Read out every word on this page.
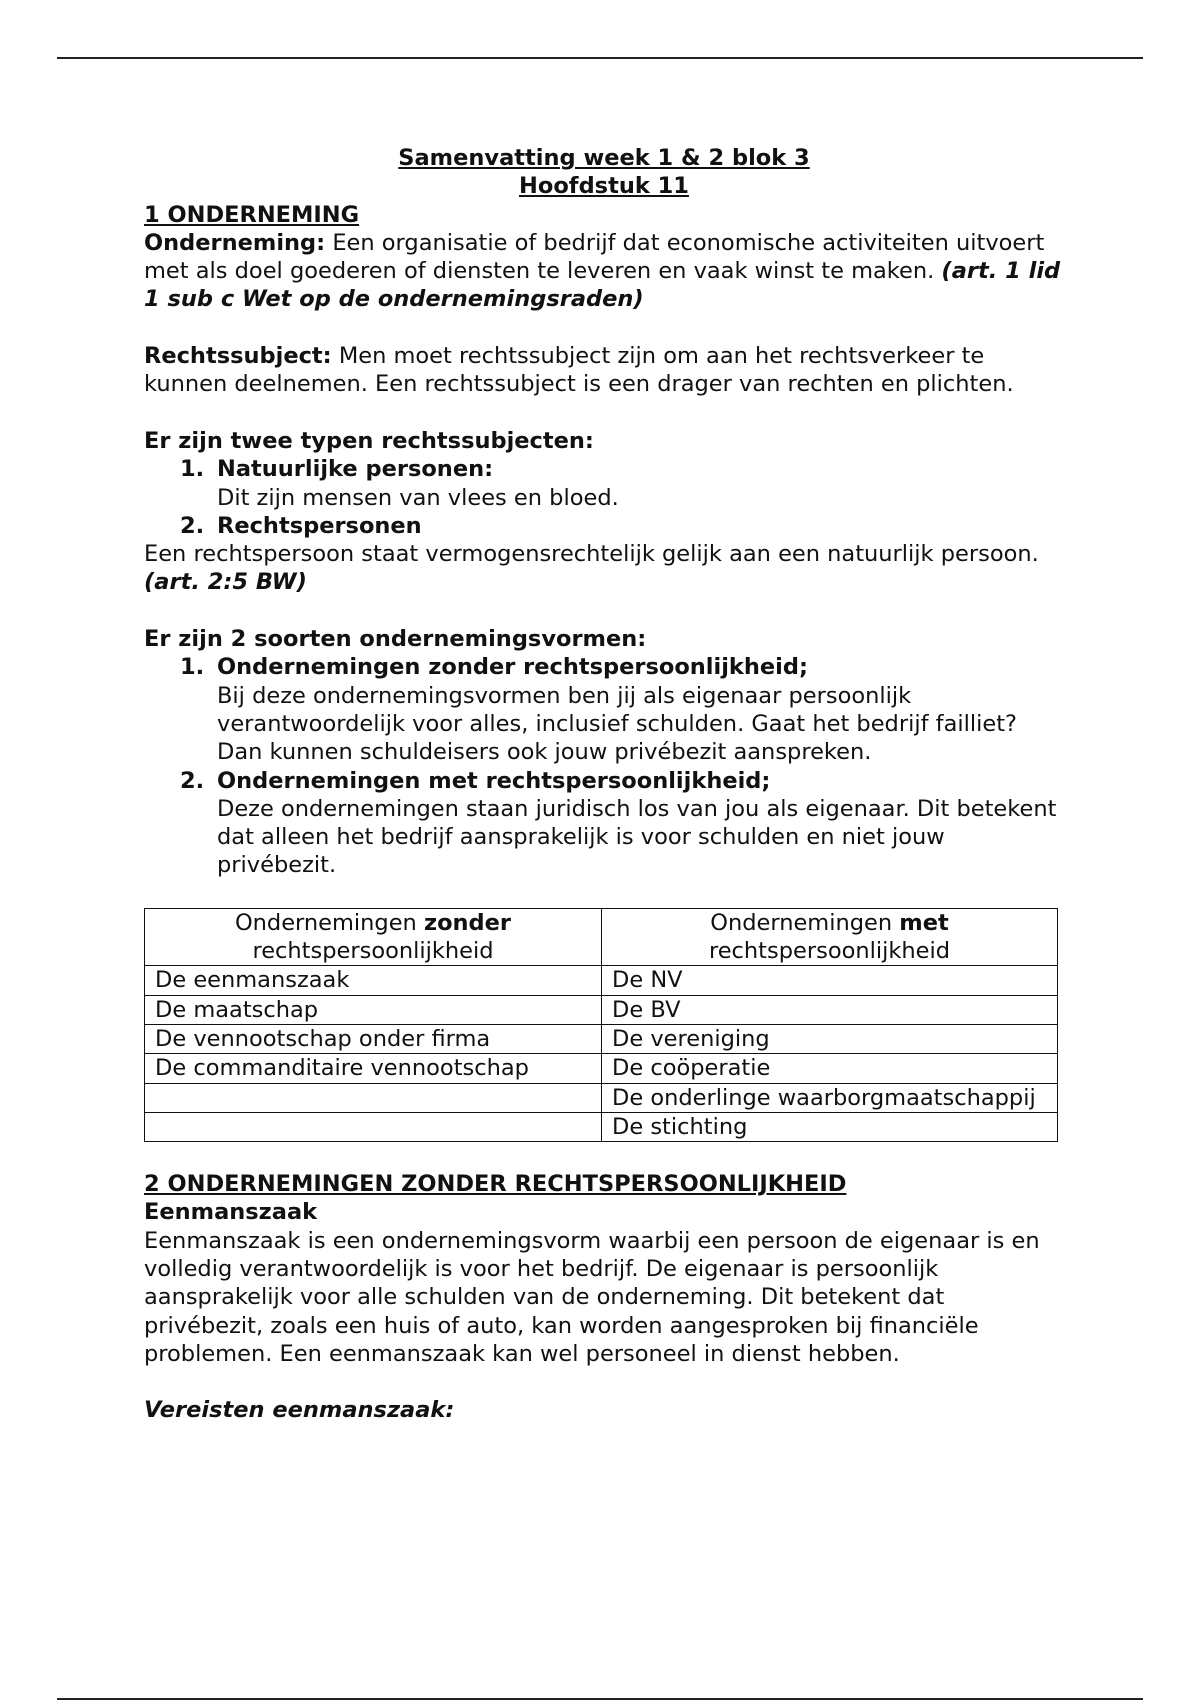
Samenvatting week 1 & 2 blok 3

Hoofdstuk 11

1 ONDERNEMING

Onderneming: Een organisatie of bedrijf dat economische activiteiten uitvoert met als doel goederen of diensten te leveren en vaak winst te maken. (art. 1 lid 1 sub c Wet op de ondernemingsraden)

Rechtssubject: Men moet rechtssubject zijn om aan het rechtsverkeer te kunnen deelnemen. Een rechtssubject is een drager van rechten en plichten.

Er zijn twee typen rechtssubjecten:

1. Natuurlijke personen:
Dit zijn mensen van vlees en bloed.
2. Rechtspersonen

Een rechtspersoon staat vermogensrechtelijk gelijk aan een natuurlijk persoon. (art. 2:5 BW)

Er zijn 2 soorten ondernemingsvormen:

1. Ondernemingen zonder rechtspersoonlijkheid;
Bij deze ondernemingsvormen ben jij als eigenaar persoonlijk verantwoordelijk voor alles, inclusief schulden. Gaat het bedrijf failliet? Dan kunnen schuldeisers ook jouw privébezit aanspreken.
2. Ondernemingen met rechtspersoonlijkheid;
Deze ondernemingen staan juridisch los van jou als eigenaar. Dit betekent dat alleen het bedrijf aansprakelijk is voor schulden en niet jouw privébezit.
Ondernemingen zonder
rechtspersoonlijkheid	Ondernemingen met
rechtspersoonlijkheid
De eenmanszaak	De NV
De maatschap	De BV
De vennootschap onder firma	De vereniging
De commanditaire vennootschap	De coöperatie
	De onderlinge waarborgmaatschappij
	De stichting

2 ONDERNEMINGEN ZONDER RECHTSPERSOONLIJKHEID

Eenmanszaak

Eenmanszaak is een ondernemingsvorm waarbij een persoon de eigenaar is en volledig verantwoordelijk is voor het bedrijf. De eigenaar is persoonlijk aansprakelijk voor alle schulden van de onderneming. Dit betekent dat privébezit, zoals een huis of auto, kan worden aangesproken bij financiële problemen. Een eenmanszaak kan wel personeel in dienst hebben.

Vereisten eenmanszaak:
